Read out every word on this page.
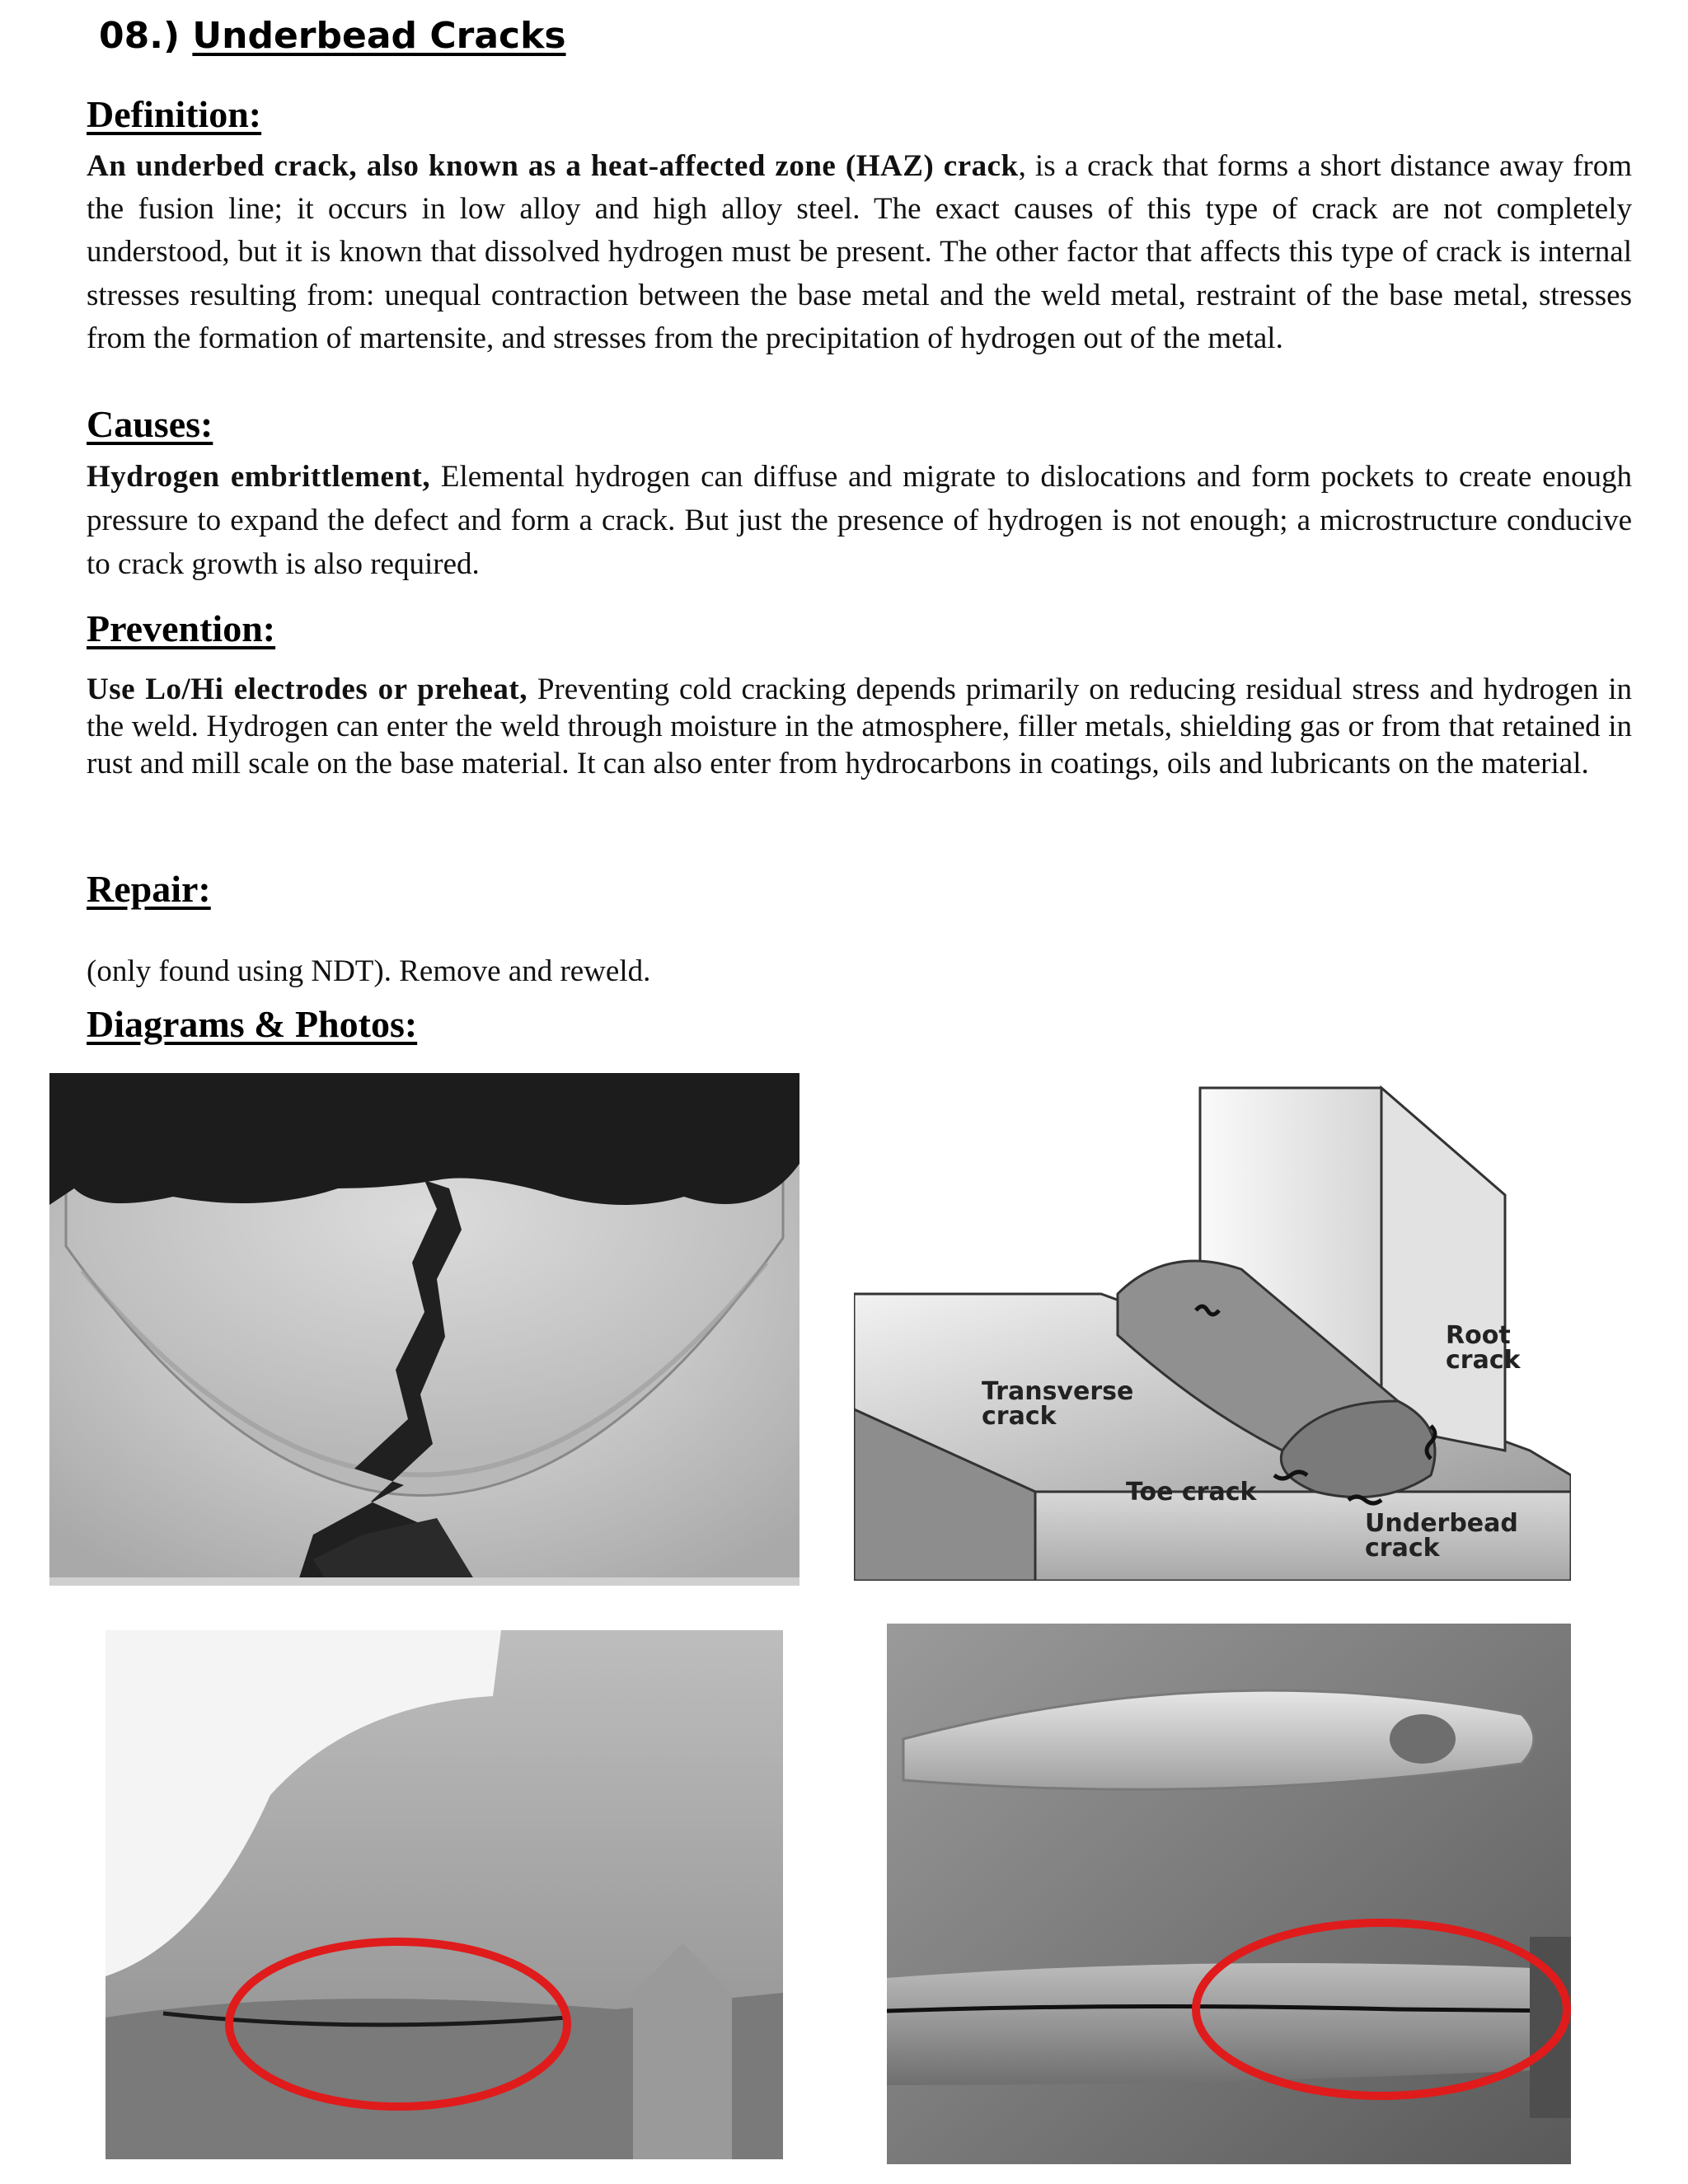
08.) Underbead Cracks
Definition:
An underbed crack, also known as a heat-affected zone (HAZ) crack, is a crack that forms a short distance away from the fusion line; it occurs in low alloy and high alloy steel. The exact causes of this type of crack are not completely understood, but it is known that dissolved hydrogen must be present. The other factor that affects this type of crack is internal stresses resulting from: unequal contraction between the base metal and the weld metal, restraint of the base metal, stresses from the formation of martensite, and stresses from the precipitation of hydrogen out of the metal.
Causes:
Hydrogen embrittlement, Elemental hydrogen can diffuse and migrate to dislocations and form pockets to create enough pressure to expand the defect and form a crack. But just the presence of hydrogen is not enough; a microstructure conducive to crack growth is also required.
Prevention:
Use Lo/Hi electrodes or preheat, Preventing cold cracking depends primarily on reducing residual stress and hydrogen in the weld. Hydrogen can enter the weld through moisture in the atmosphere, filler metals, shielding gas or from that retained in rust and mill scale on the base material. It can also enter from hydrocarbons in coatings, oils and lubricants on the material.
Repair:
(only found using NDT). Remove and reweld.
Diagrams & Photos:
Transverse
crack
Root
crack
Toe crack
Underbead
crack
